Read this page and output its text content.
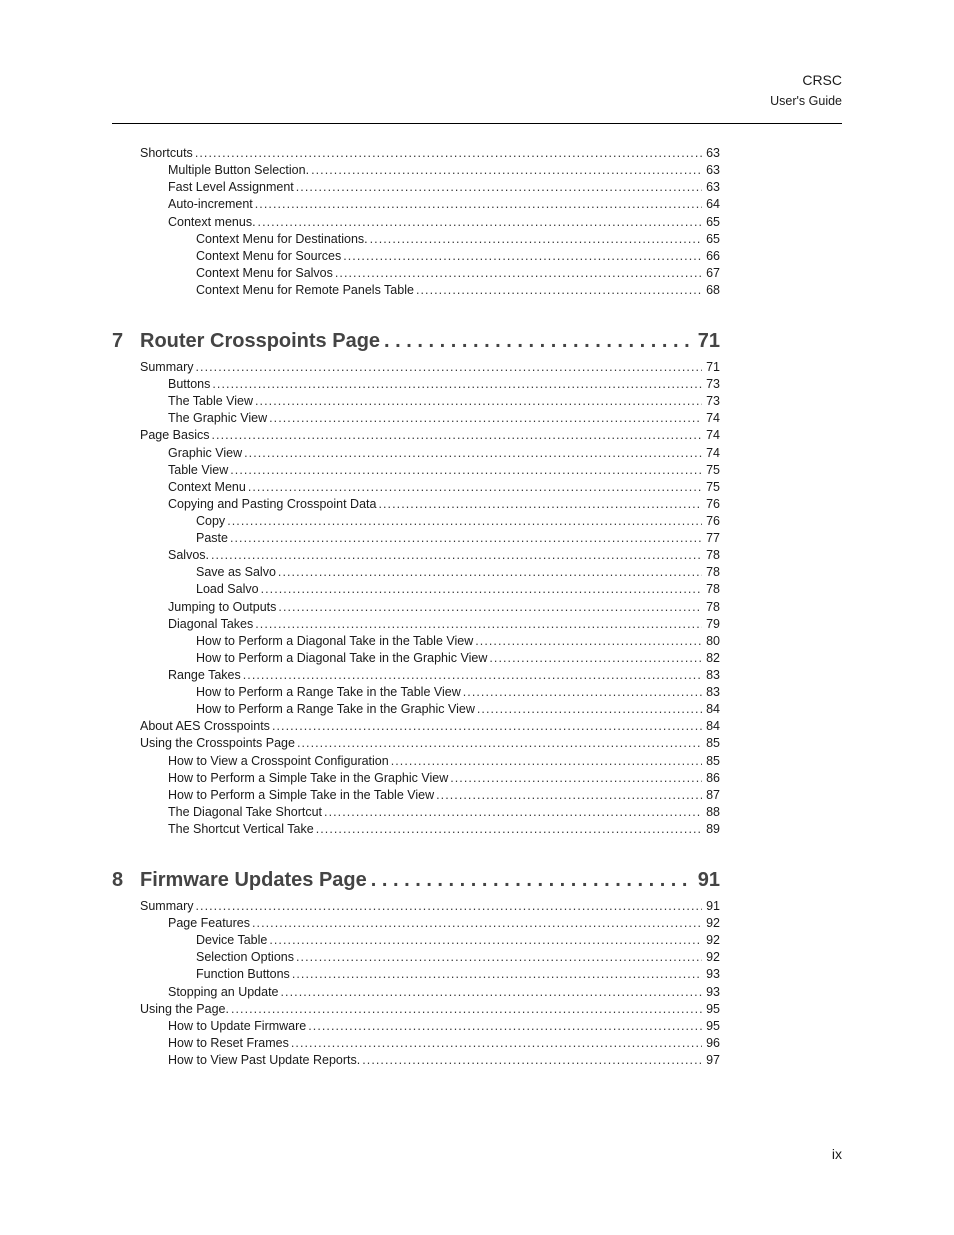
CRSC
User's Guide
Shortcuts . . .	63
Multiple Button Selection. . . .	63
Fast Level Assignment . . .	63
Auto-increment . . .	64
Context menus. . . .	65
Context Menu for Destinations. . . .	65
Context Menu for Sources . . .	66
Context Menu for Salvos . . .	67
Context Menu for Remote Panels Table . . .	68
7 Router Crosspoints Page . . .	71
Summary . . .	71
Buttons . . .	73
The Table View . . .	73
The Graphic View . . .	74
Page Basics . . .	74
Graphic View . . .	74
Table View . . .	75
Context Menu . . .	75
Copying and Pasting Crosspoint Data . . .	76
Copy . . .	76
Paste . . .	77
Salvos. . . .	78
Save as Salvo . . .	78
Load Salvo . . .	78
Jumping to Outputs . . .	78
Diagonal Takes . . .	79
How to Perform a Diagonal Take in the Table View . . .	80
How to Perform a Diagonal Take in the Graphic View . . .	82
Range Takes . . .	83
How to Perform a Range Take in the Table View . . .	83
How to Perform a Range Take in the Graphic View . . .	84
About AES Crosspoints . . .	84
Using the Crosspoints Page . . .	85
How to View a Crosspoint Configuration . . .	85
How to Perform a Simple Take in the Graphic View . . .	86
How to Perform a Simple Take in the Table View . . .	87
The Diagonal Take Shortcut . . .	88
The Shortcut Vertical Take . . .	89
8 Firmware Updates Page . . .	91
Summary . . .	91
Page Features . . .	92
Device Table . . .	92
Selection Options . . .	92
Function Buttons . . .	93
Stopping an Update . . .	93
Using the Page. . . .	95
How to Update Firmware . . .	95
How to Reset Frames . . .	96
How to View Past Update Reports. . . .	97
ix
